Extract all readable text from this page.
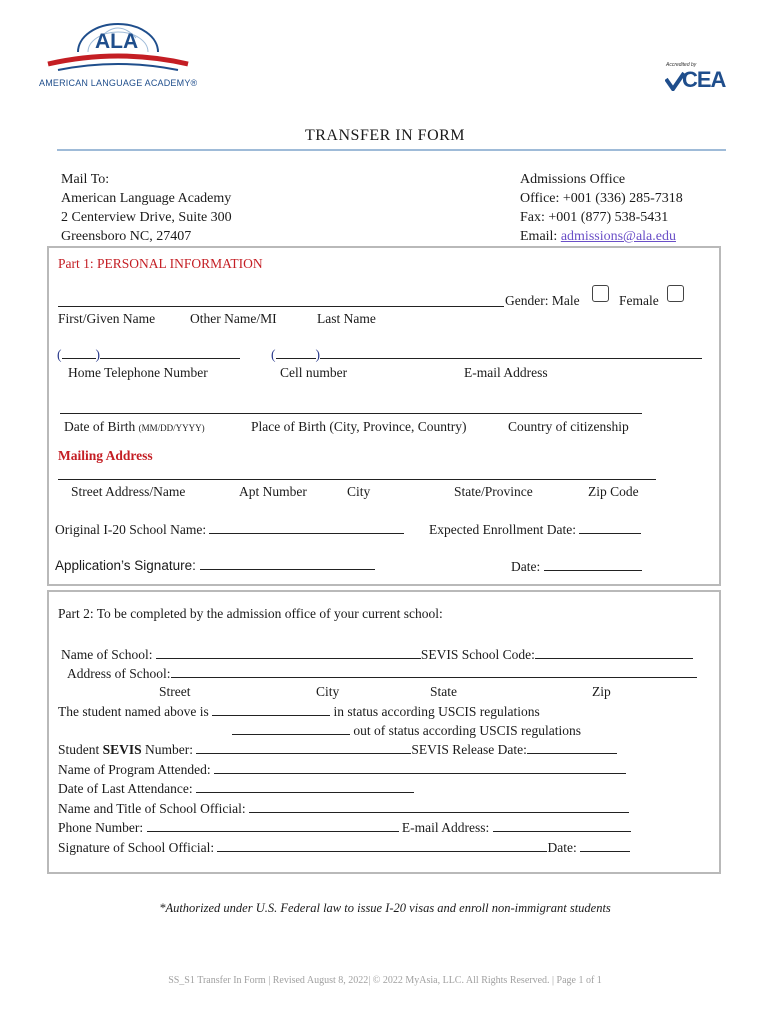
ALA
AMERICAN LANGUAGE ACADEMY®
Accredited by
CEA
TRANSFER IN FORM
Mail To:
American Language Academy
2 Centerview Drive, Suite 300
Greensboro NC, 27407
Admissions Office
Office: +001 (336) 285-7318
Fax: +001 (877) 538-5431
Email: admissions@ala.edu
Part 1: PERSONAL INFORMATION
Gender: Male	Female
First/Given Name	Other Name/MI	Last Name
(	)	(	)
Home Telephone Number	Cell number	E-mail Address
Date of Birth (MM/DD/YYYY)	Place of Birth (City, Province, Country)	Country of citizenship
Mailing Address
Street Address/Name	Apt Number	City	State/Province	Zip Code
Original I-20 School Name:	Expected Enrollment Date:
Application’s Signature:	Date:
Part 2: To be completed by the admission office of your current school:
Name of School:	SEVIS School Code:
Address of School:
Street	City	State	Zip
The student named above is	in status according USCIS regulations
out of status according USCIS regulations
Student SEVIS Number:	SEVIS Release Date:
Name of Program Attended:
Date of Last Attendance:
Name and Title of School Official:
Phone Number:	E-mail Address:
Signature of School Official:	Date:
*Authorized under U.S. Federal law to issue I-20 visas and enroll non-immigrant students
SS_S1 Transfer In Form | Revised August 8, 2022| © 2022 MyAsia, LLC. All Rights Reserved. | Page 1 of 1
